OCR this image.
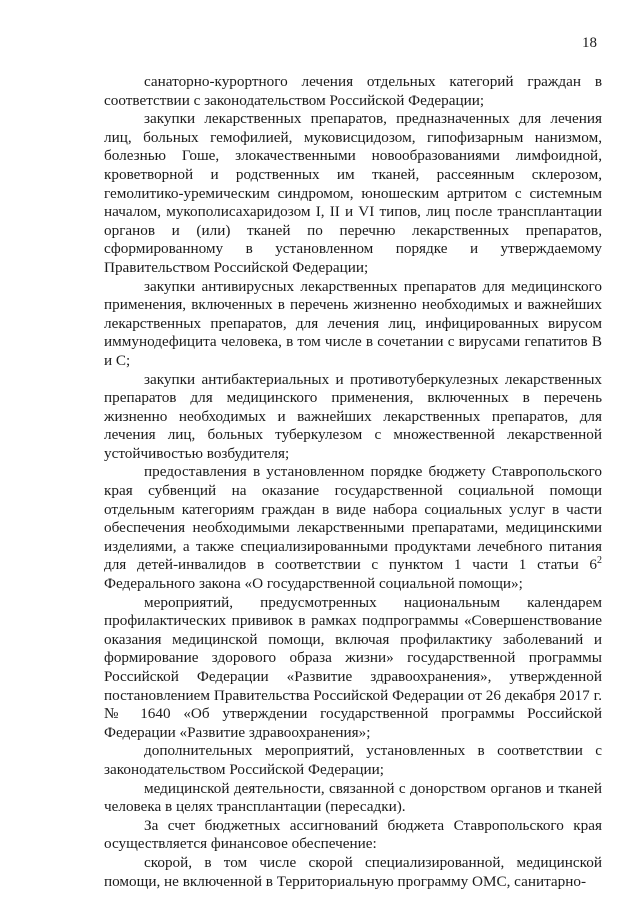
18

санаторно-курортного лечения отдельных категорий граждан в соответствии с законодательством Российской Федерации;

закупки лекарственных препаратов, предназначенных для лечения лиц, больных гемофилией, муковисцидозом, гипофизарным нанизмом, болезнью Гоше, злокачественными новообразованиями лимфоидной, кроветворной и родственных им тканей, рассеянным склерозом, гемолитико-уремическим синдромом, юношеским артритом с системным началом, мукополисахаридозом I, II и VI типов, лиц после трансплантации органов и (или) тканей по перечню лекарственных препаратов, сформированному в установленном порядке и утверждаемому Правительством Российской Федерации;

закупки антивирусных лекарственных препаратов для медицинского применения, включенных в перечень жизненно необходимых и важнейших лекарственных препаратов, для лечения лиц, инфицированных вирусом иммунодефицита человека, в том числе в сочетании с вирусами гепатитов В и С;

закупки антибактериальных и противотуберкулезных лекарственных препаратов для медицинского применения, включенных в перечень жизненно необходимых и важнейших лекарственных препаратов, для лечения лиц, больных туберкулезом с множественной лекарственной устойчивостью возбудителя;

предоставления в установленном порядке бюджету Ставропольского края субвенций на оказание государственной социальной помощи отдельным категориям граждан в виде набора социальных услуг в части обеспечения необходимыми лекарственными препаратами, медицинскими изделиями, а также специализированными продуктами лечебного питания для детей-инвалидов в соответствии с пунктом 1 части 1 статьи $6^2$ Федерального закона «О государственной социальной помощи»;

мероприятий, предусмотренных национальным календарем профилактических прививок в рамках подпрограммы «Совершенствование оказания медицинской помощи, включая профилактику заболеваний и формирование здорового образа жизни» государственной программы Российской Федерации «Развитие здравоохранения», утвержденной постановлением Правительства Российской Федерации от 26 декабря 2017 г. № 1640 «Об утверждении государственной программы Российской Федерации «Развитие здравоохранения»;

дополнительных мероприятий, установленных в соответствии с законодательством Российской Федерации;

медицинской деятельности, связанной с донорством органов и тканей человека в целях трансплантации (пересадки).

За счет бюджетных ассигнований бюджета Ставропольского края осуществляется финансовое обеспечение:

скорой, в том числе скорой специализированной, медицинской помощи, не включенной в Территориальную программу ОМС, санитарно-
